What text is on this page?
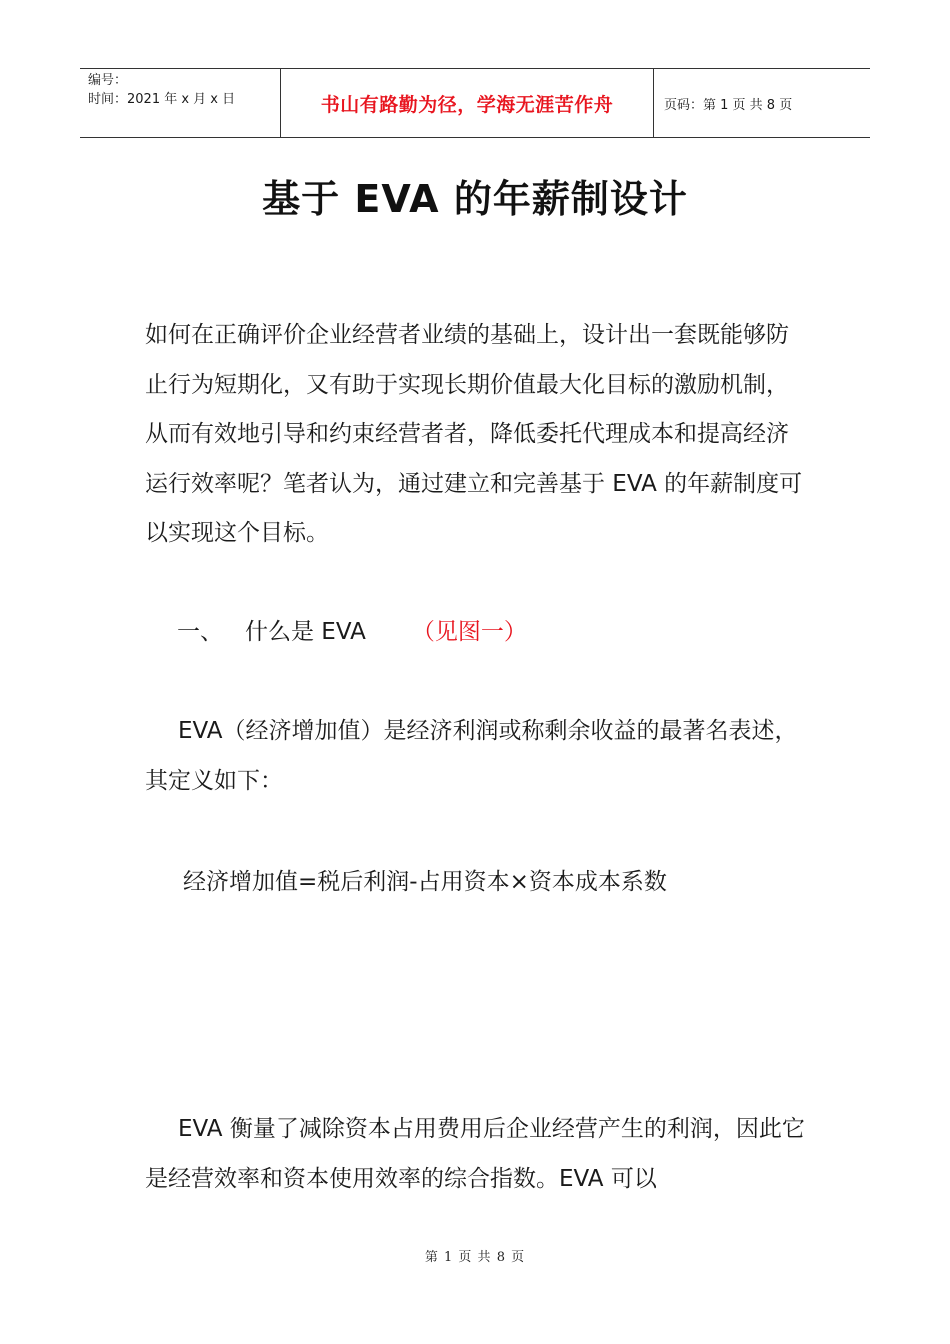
编号：
时间：2021 年 x 月 x 日	书山有路勤为径，学海无涯苦作舟	页码：第 1 页 共 8 页
基于 EVA 的年薪制设计

如何在正确评价企业经营者业绩的基础上，设计出一套既能够防止行为短期化，又有助于实现长期价值最大化目标的激励机制，从而有效地引导和约束经营者者，降低委托代理成本和提高经济运行效率呢？笔者认为，通过建立和完善基于 EVA 的年薪制度可以实现这个目标。

一、 什么是 EVA （见图一）

EVA（经济增加值）是经济利润或称剩余收益的最著名表述，其定义如下：

经济增加值=税后利润-占用资本×资本成本系数

EVA 衡量了减除资本占用费用后企业经营产生的利润，因此它是经营效率和资本使用效率的综合指数。EVA 可以

第 1 页 共 8 页
